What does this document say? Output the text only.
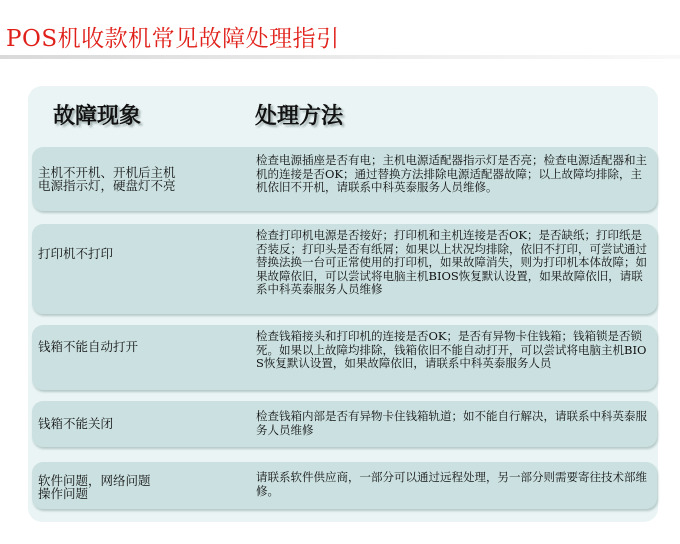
POS机收款机常见故障处理指引
故障现象	处理方法
主机不开机、开机后主机
电源指示灯，硬盘灯不亮
检查电源插座是否有电；主机电源适配器指示灯是否亮；检查电源适配器和主机的连接是否OK；通过替换方法排除电源适配器故障；以上故障均排除，主机依旧不开机，请联系中科英泰服务人员维修。
打印机不打印
检查打印机电源是否接好；打印机和主机连接是否OK；是否缺纸；打印纸是否装反；打印头是否有纸屑；如果以上状况均排除，依旧不打印，可尝试通过替换法换一台可正常使用的打印机，如果故障消失，则为打印机本体故障；如果故障依旧，可以尝试将电脑主机BIOS恢复默认设置，如果故障依旧，请联系中科英泰服务人员维修
钱箱不能自动打开
检查钱箱接头和打印机的连接是否OK；是否有异物卡住钱箱；钱箱锁是否锁死。如果以上故障均排除，钱箱依旧不能自动打开，可以尝试将电脑主机BIOS恢复默认设置，如果故障依旧，请联系中科英泰服务人员
钱箱不能关闭	检查钱箱内部是否有异物卡住钱箱轨道；如不能自行解决，请联系中科英泰服务人员维修
软件问题，网络问题
操作问题
请联系软件供应商，一部分可以通过远程处理，另一部分则需要寄往技术部维修。
